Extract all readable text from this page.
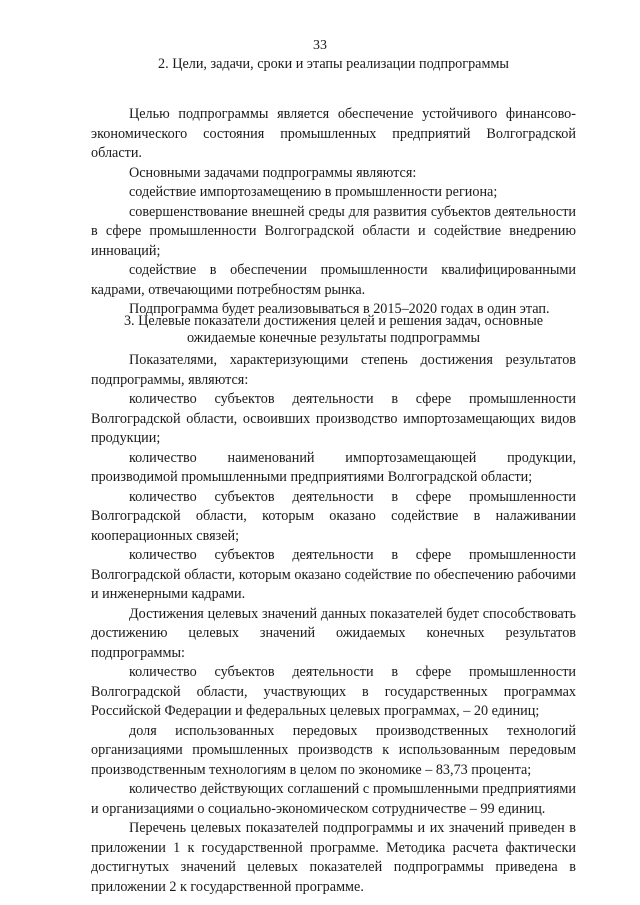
33
2. Цели, задачи, сроки и этапы реализации подпрограммы

Целью подпрограммы является обеспечение устойчивого финансово-экономического состояния промышленных предприятий Волгоградской области.

Основными задачами подпрограммы являются:

содействие импортозамещению в промышленности региона;

совершенствование внешней среды для развития субъектов деятельности в сфере промышленности Волгоградской области и содействие внедрению инноваций;

содействие в обеспечении промышленности квалифицированными кадрами, отвечающими потребностям рынка.

Подпрограмма будет реализовываться в 2015–2020 годах в один этап.

3. Целевые показатели достижения целей и решения задач, основные ожидаемые конечные результаты подпрограммы

Показателями, характеризующими степень достижения результатов подпрограммы, являются:

количество субъектов деятельности в сфере промышленности Волгоградской области, освоивших производство импортозамещающих видов продукции;

количество наименований импортозамещающей продукции, производимой промышленными предприятиями Волгоградской области;

количество субъектов деятельности в сфере промышленности Волгоградской области, которым оказано содействие в налаживании кооперационных связей;

количество субъектов деятельности в сфере промышленности Волгоградской области, которым оказано содействие по обеспечению рабочими и инженерными кадрами.

Достижения целевых значений данных показателей будет способствовать достижению целевых значений ожидаемых конечных результатов подпрограммы:

количество субъектов деятельности в сфере промышленности Волгоградской области, участвующих в государственных программах Российской Федерации и федеральных целевых программах, – 20 единиц;

доля использованных передовых производственных технологий организациями промышленных производств к использованным передовым производственным технологиям в целом по экономике – 83,73 процента;

количество действующих соглашений с промышленными предприятиями и организациями о социально-экономическом сотрудничестве – 99 единиц.

Перечень целевых показателей подпрограммы и их значений приведен в приложении 1 к государственной программе. Методика расчета фактически достигнутых значений целевых показателей подпрограммы приведена в приложении 2 к государственной программе.
